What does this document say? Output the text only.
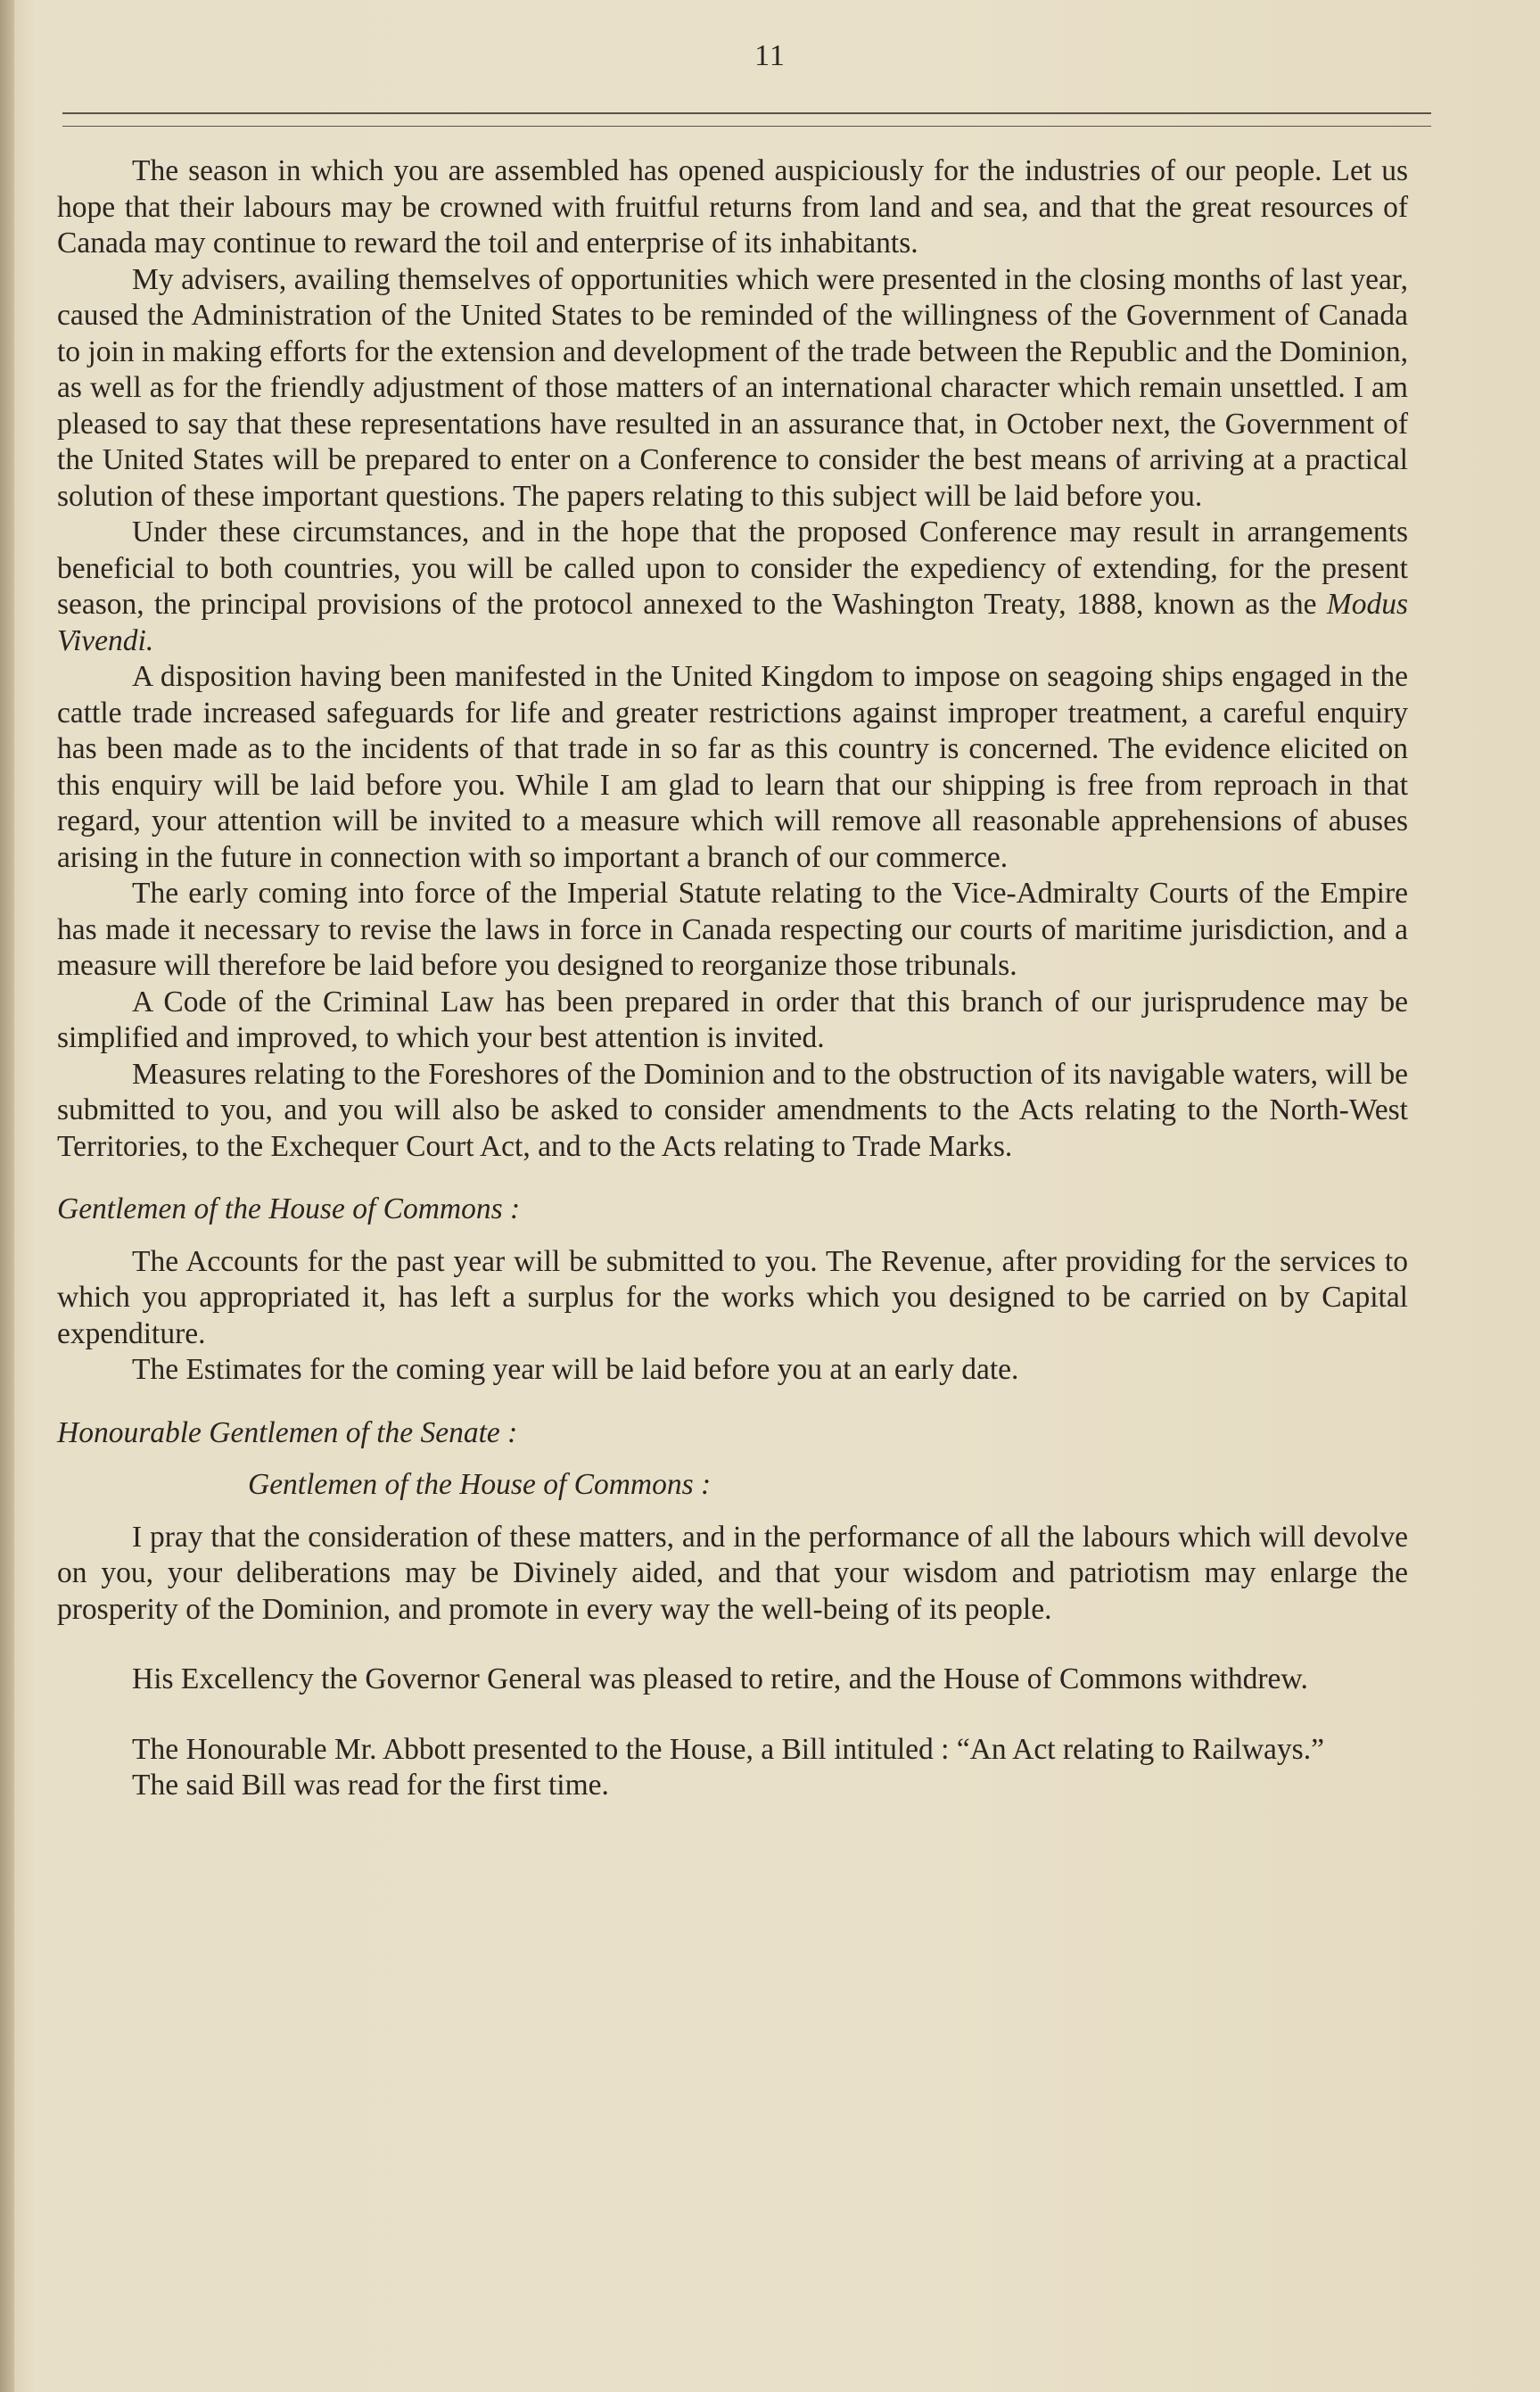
11

The season in which you are assembled has opened auspiciously for the industries of our people. Let us hope that their labours may be crowned with fruitful returns from land and sea, and that the great resources of Canada may continue to reward the toil and enterprise of its inhabitants.

My advisers, availing themselves of opportunities which were presented in the closing months of last year, caused the Administration of the United States to be reminded of the willingness of the Government of Canada to join in making efforts for the extension and development of the trade between the Republic and the Dominion, as well as for the friendly adjustment of those matters of an international character which remain unsettled. I am pleased to say that these representations have resulted in an assurance that, in October next, the Government of the United States will be prepared to enter on a Conference to consider the best means of arriving at a practical solution of these important questions. The papers relating to this subject will be laid before you.

Under these circumstances, and in the hope that the proposed Conference may result in arrangements beneficial to both countries, you will be called upon to consider the expediency of extending, for the present season, the principal provisions of the protocol annexed to the Washington Treaty, 1888, known as the Modus Vivendi.

A disposition having been manifested in the United Kingdom to impose on seagoing ships engaged in the cattle trade increased safeguards for life and greater restrictions against improper treatment, a careful enquiry has been made as to the incidents of that trade in so far as this country is concerned. The evidence elicited on this enquiry will be laid before you. While I am glad to learn that our shipping is free from reproach in that regard, your attention will be invited to a measure which will remove all reasonable apprehensions of abuses arising in the future in connection with so important a branch of our commerce.

The early coming into force of the Imperial Statute relating to the Vice-Admiralty Courts of the Empire has made it necessary to revise the laws in force in Canada respecting our courts of maritime jurisdiction, and a measure will therefore be laid before you designed to reorganize those tribunals.

A Code of the Criminal Law has been prepared in order that this branch of our jurisprudence may be simplified and improved, to which your best attention is invited.

Measures relating to the Foreshores of the Dominion and to the obstruction of its navigable waters, will be submitted to you, and you will also be asked to consider amendments to the Acts relating to the North-West Territories, to the Exchequer Court Act, and to the Acts relating to Trade Marks.

Gentlemen of the House of Commons :

The Accounts for the past year will be submitted to you. The Revenue, after providing for the services to which you appropriated it, has left a surplus for the works which you designed to be carried on by Capital expenditure.

The Estimates for the coming year will be laid before you at an early date.

Honourable Gentlemen of the Senate :

Gentlemen of the House of Commons :

I pray that the consideration of these matters, and in the performance of all the labours which will devolve on you, your deliberations may be Divinely aided, and that your wisdom and patriotism may enlarge the prosperity of the Dominion, and promote in every way the well-being of its people.

His Excellency the Governor General was pleased to retire, and the House of Commons withdrew.

The Honourable Mr. Abbott presented to the House, a Bill intituled : “An Act relating to Railways.”

The said Bill was read for the first time.
